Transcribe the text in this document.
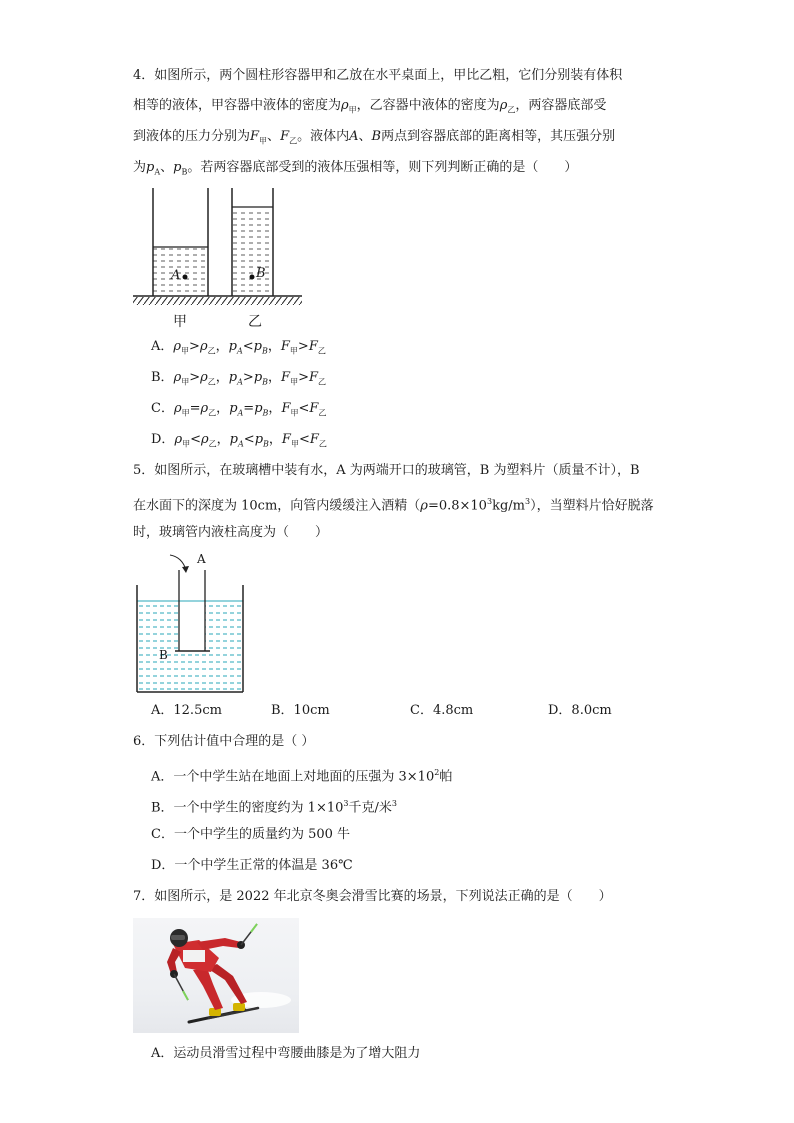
4．如图所示，两个圆柱形容器甲和乙放在水平桌面上，甲比乙粗，它们分别装有体积
相等的液体，甲容器中液体的密度为$\rho_甲$，乙容器中液体的密度为$\rho_乙$，两容器底部受
到液体的压力分别为$F_甲$、$F_乙$。液体内A、B两点到容器底部的距离相等，其压强分别
为$p_A$、$p_B$。若两容器底部受到的液体压强相等，则下列判断正确的是（　　）
A	B
甲	乙
A．$\rho_甲>\rho_乙$，$p_A<p_B$，$F_甲>F_乙$
B．$\rho_甲>\rho_乙$，$p_A>p_B$，$F_甲>F_乙$
C．$\rho_甲=\rho_乙$，$p_A=p_B$，$F_甲<F_乙$
D．$\rho_甲<\rho_乙$，$p_A<p_B$，$F_甲<F_乙$
5．如图所示，在玻璃槽中装有水，A 为两端开口的玻璃管，B 为塑料片（质量不计），B
在水面下的深度为 10cm，向管内缓缓注入酒精$(\rho=0.8\times 10^3kg/m^3)$，当塑料片恰好脱落
时，玻璃管内液柱高度为（　　）
A
B
A．12.5cm	B．10cm	C．4.8cm	D．8.0cm
6．下列估计值中合理的是（ ）
A．一个中学生站在地面上对地面的压强为 $3\times 10^2$帕
B．一个中学生的密度约为 $1\times 10^3$千克/米$^3$
C．一个中学生的质量约为 500 牛
D．一个中学生正常的体温是 36℃
7．如图所示，是 2022 年北京冬奥会滑雪比赛的场景，下列说法正确的是（　　）
A．运动员滑雪过程中弯腰曲膝是为了增大阻力
